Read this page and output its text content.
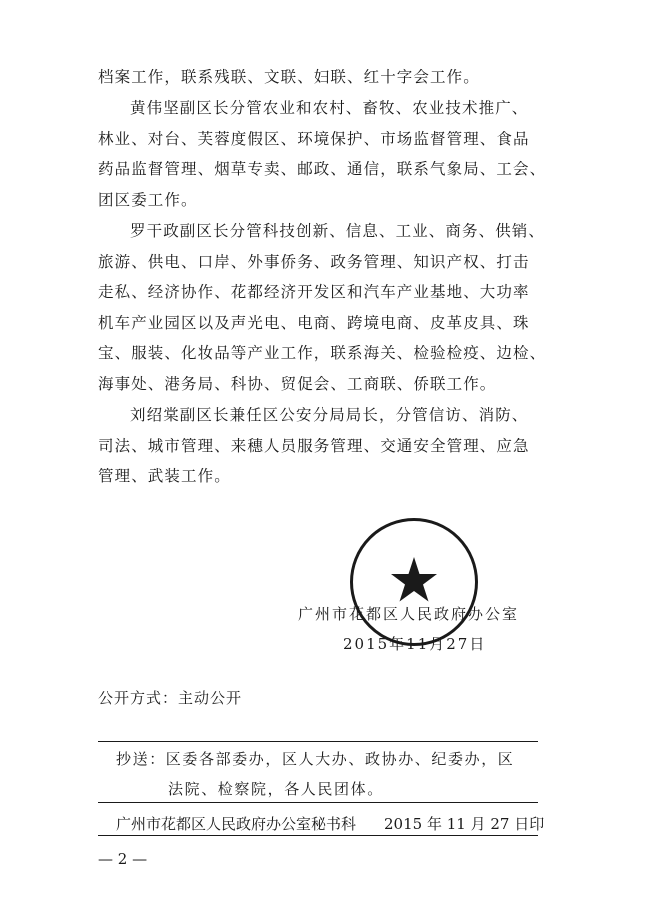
档案工作，联系残联、文联、妇联、红十字会工作。

黄伟坚副区长分管农业和农村、畜牧、农业技术推广、
林业、对台、芙蓉度假区、环境保护、市场监督管理、食品
药品监督管理、烟草专卖、邮政、通信，联系气象局、工会、
团区委工作。

罗干政副区长分管科技创新、信息、工业、商务、供销、
旅游、供电、口岸、外事侨务、政务管理、知识产权、打击
走私、经济协作、花都经济开发区和汽车产业基地、大功率
机车产业园区以及声光电、电商、跨境电商、皮革皮具、珠
宝、服装、化妆品等产业工作，联系海关、检验检疫、边检、
海事处、港务局、科协、贸促会、工商联、侨联工作。

刘绍棠副区长兼任区公安分局局长，分管信访、消防、
司法、城市管理、来穗人员服务管理、交通安全管理、应急
管理、武装工作。

广州市花都区人民政府办公室
2015年11月27日
公开方式：主动公开
抄送：区委各部委办，区人大办、政协办、纪委办，区
法院、检察院，各人民团体。
广州市花都区人民政府办公室秘书科 2015 年 11 月 27 日印
— 2 —
